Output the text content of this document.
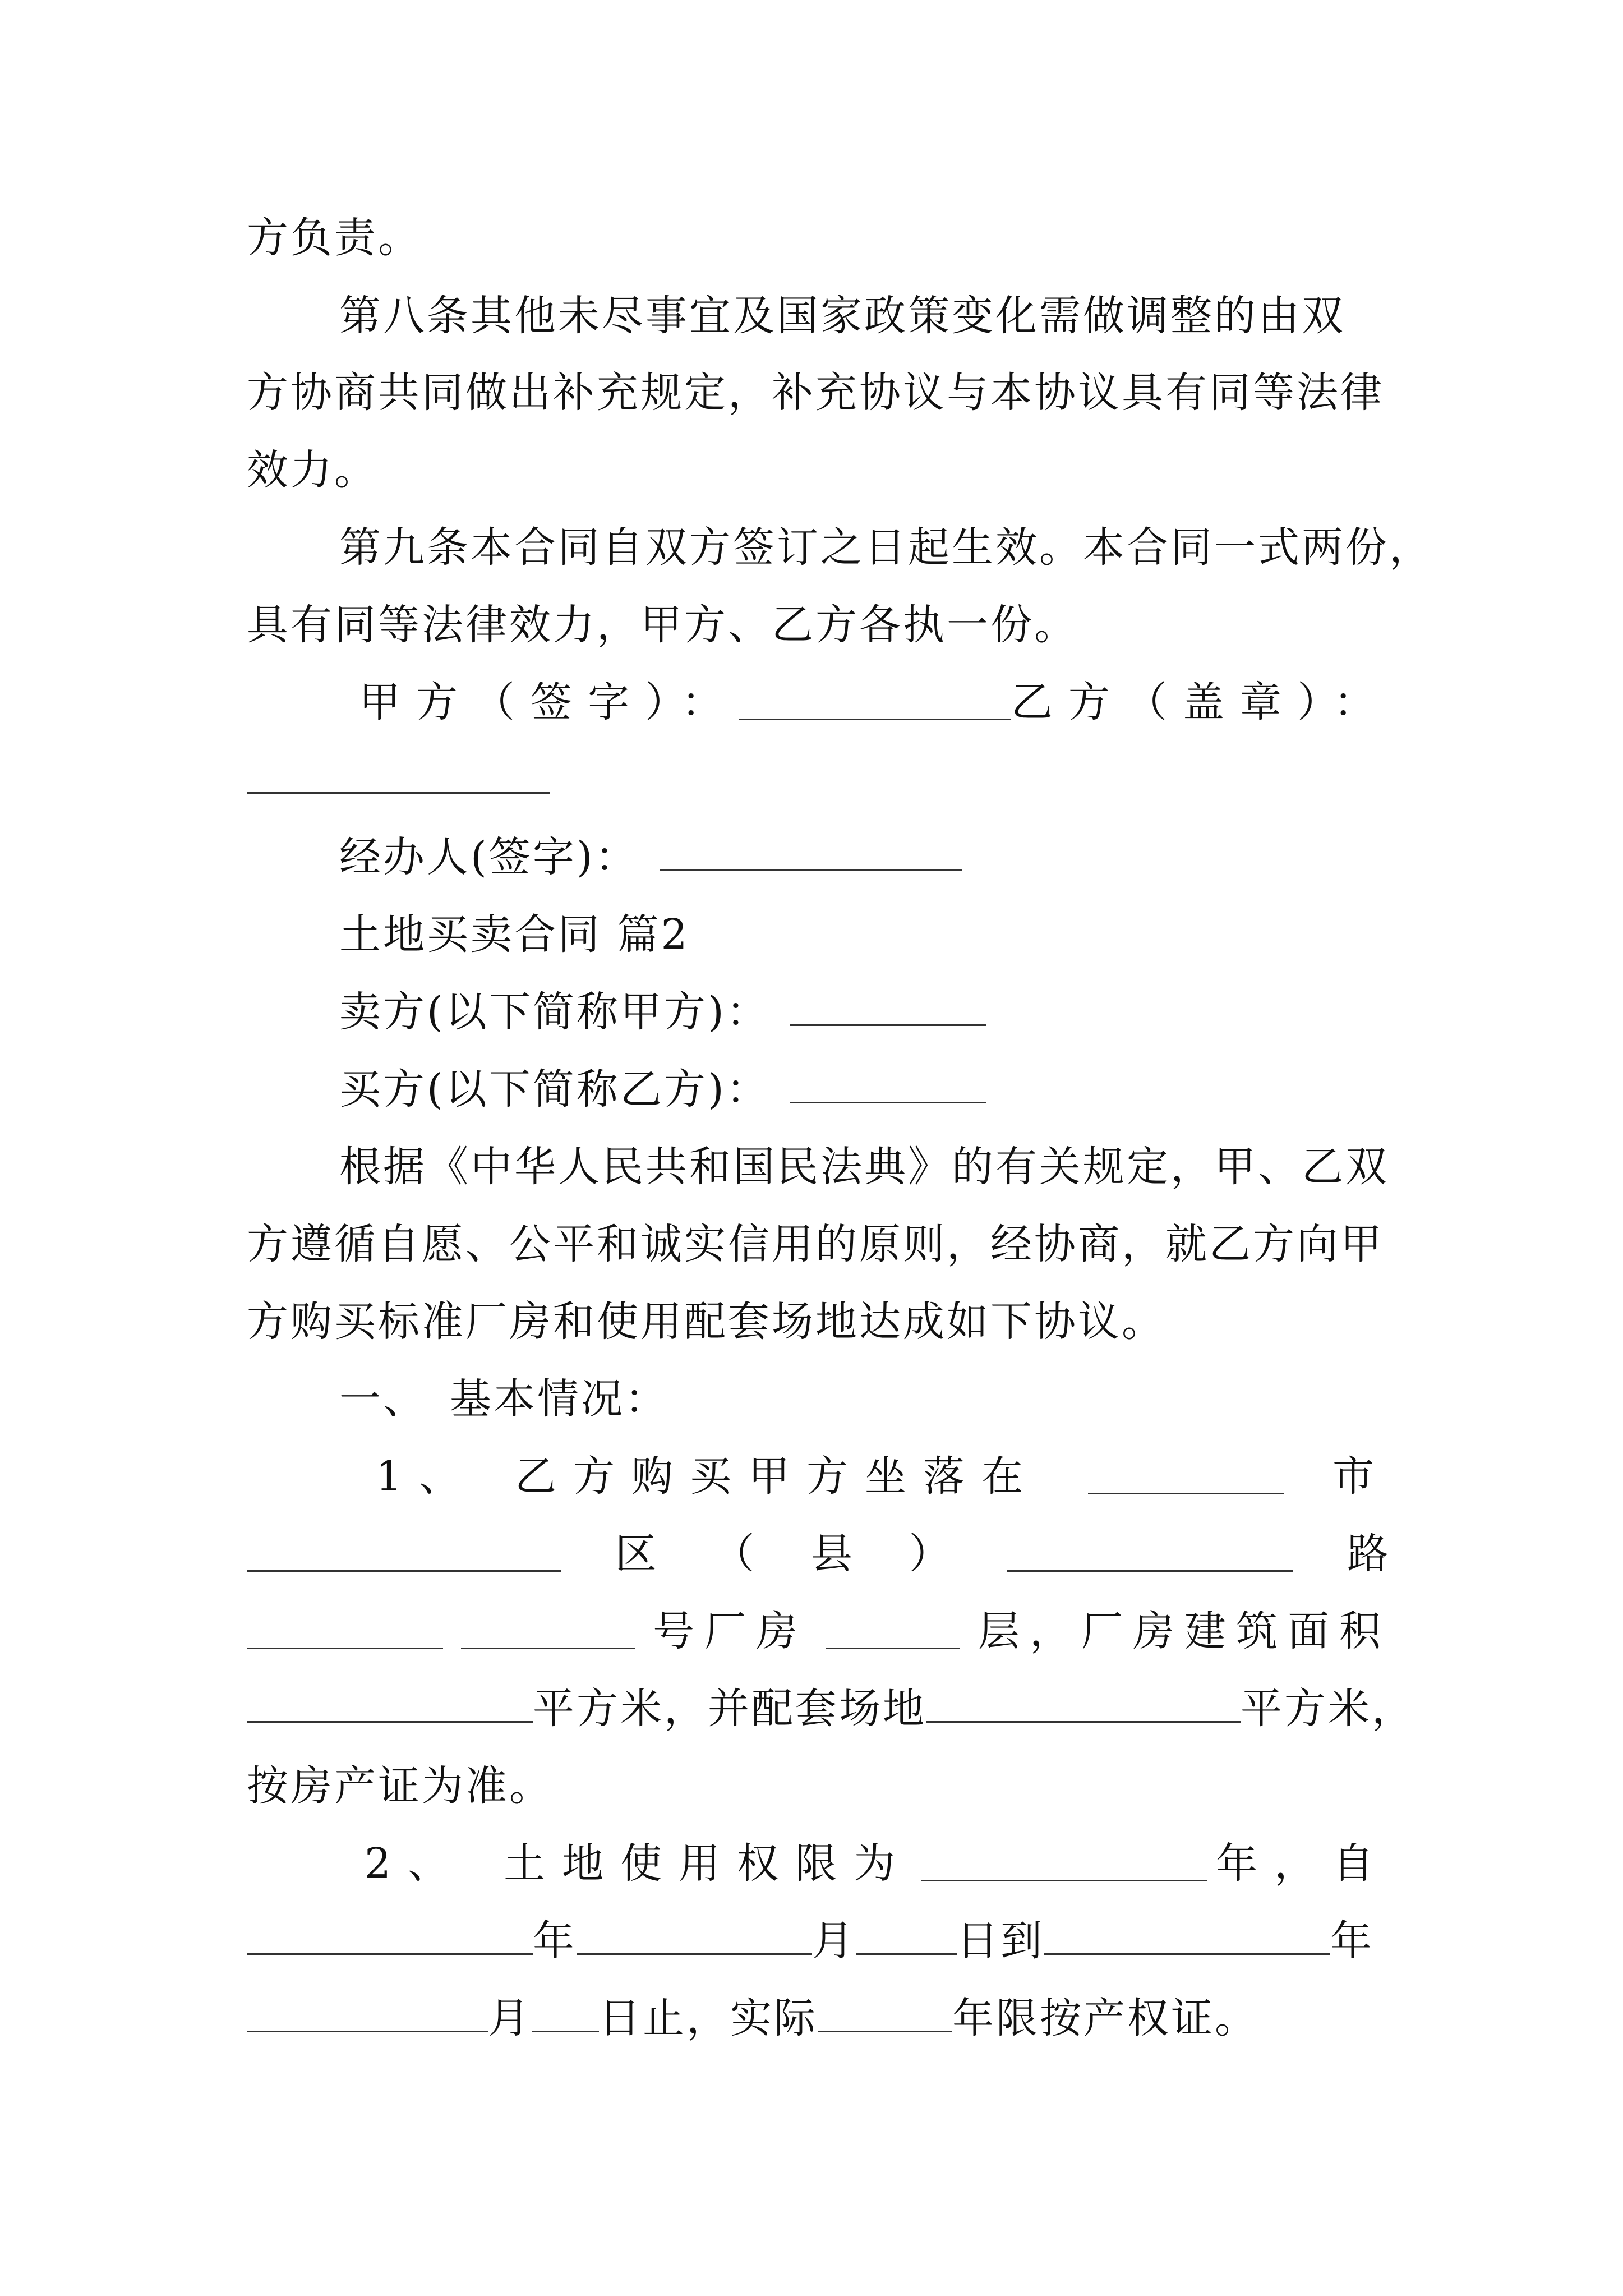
方负责。
第八条其他未尽事宜及国家政策变化需做调整的由双
方协商共同做出补充规定，补充协议与本协议具有同等法律
效力。
第九条本合同自双方签订之日起生效。本合同一式两份，
具有同等法律效力，甲方、乙方各执一份。
甲方（签字）：	乙方（盖章）：
经办人(签字)：
土地买卖合同 篇2
卖方(以下简称甲方)：
买方(以下简称乙方)：
根据《中华人民共和国民法典》的有关规定，甲、乙双
方遵循自愿、公平和诚实信用的原则，经协商，就乙方向甲
方购买标准厂房和使用配套场地达成如下协议。
一、　基本情况：
1、　乙方购买甲方坐落在	市
区 （ 县 ）	路
号厂房	层，厂房建筑面积
平方米，并配套场地	平方米，
按房产证为准。
2、　土地使用权限为	年，自
年	月 日到	年
月 日止，实际	年限按产权证。
